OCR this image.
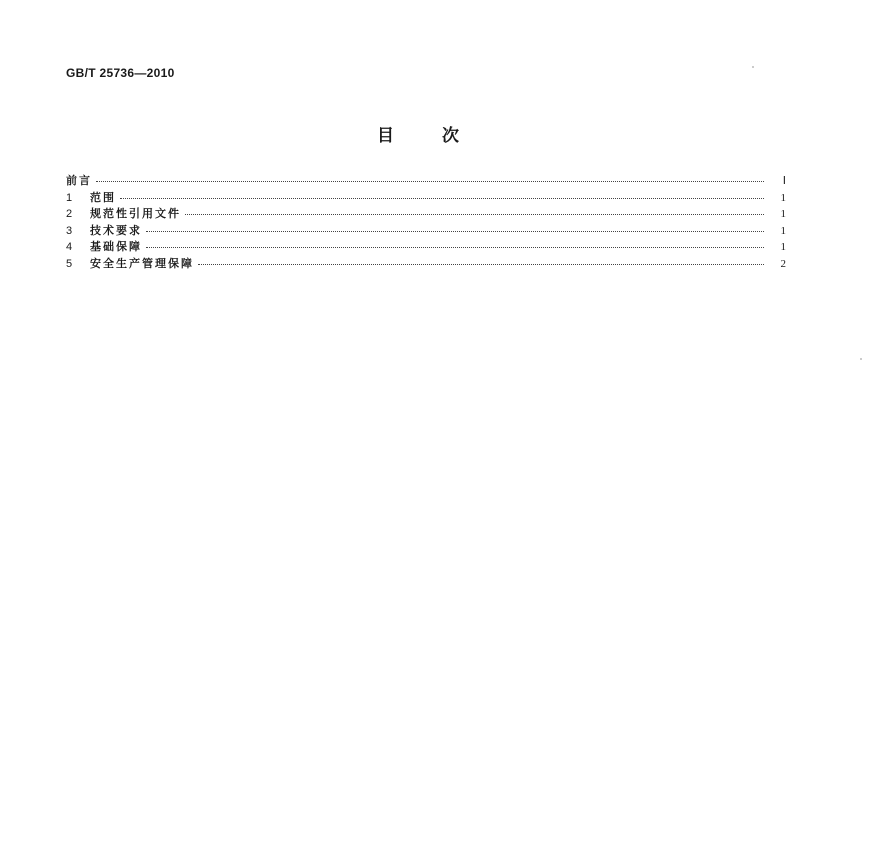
GB/T 25736—2010
目次
前言	Ⅰ
1	范围	1
2	规范性引用文件	1
3	技术要求	1
4	基础保障	1
5	安全生产管理保障	2
